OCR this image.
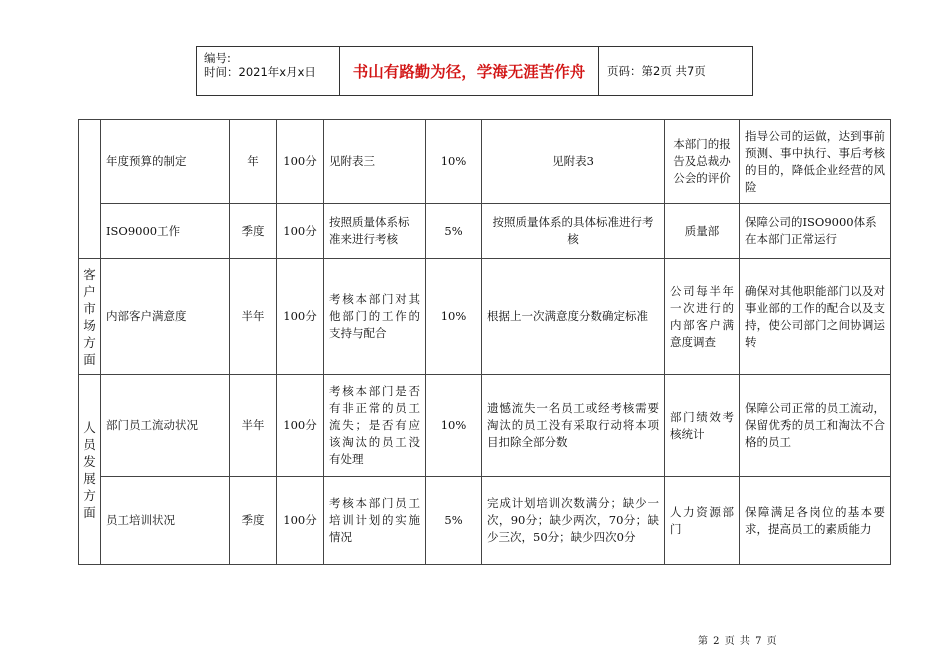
编号:
时间：2021年x月x日	书山有路勤为径，学海无涯苦作舟	页码：第2页 共7页
	年度预算的制定	年	100分	见附表三	10%	见附表3	本部门的报告及总裁办公会的评价	指导公司的运做，达到事前预测、事中执行、事后考核的目的，降低企业经营的风险
	ISO9000工作	季度	100分	按照质量体系标准来进行考核	5%	按照质量体系的具体标准进行考核	质量部	保障公司的ISO9000体系在本部门正常运行
客户市场方面	内部客户满意度	半年	100分	考核本部门对其他部门的工作的支持与配合	10%	根据上一次满意度分数确定标准	公司每半年一次进行的内部客户满意度调查	确保对其他职能部门以及对事业部的工作的配合以及支持，使公司部门之间协调运转
人员发展方面	部门员工流动状况	半年	100分	考核本部门是否有非正常的员工流失；是否有应该淘汰的员工没有处理	10%	遗憾流失一名员工或经考核需要淘汰的员工没有采取行动将本项目扣除全部分数	部门绩效考核统计	保障公司正常的员工流动，保留优秀的员工和淘汰不合格的员工
	员工培训状况	季度	100分	考核本部门员工培训计划的实施情况	5%	完成计划培训次数满分；缺少一次，90分；缺少两次，70分；缺少三次，50分；缺少四次0分	人力资源部门	保障满足各岗位的基本要求，提高员工的素质能力
第 2 页 共 7 页
